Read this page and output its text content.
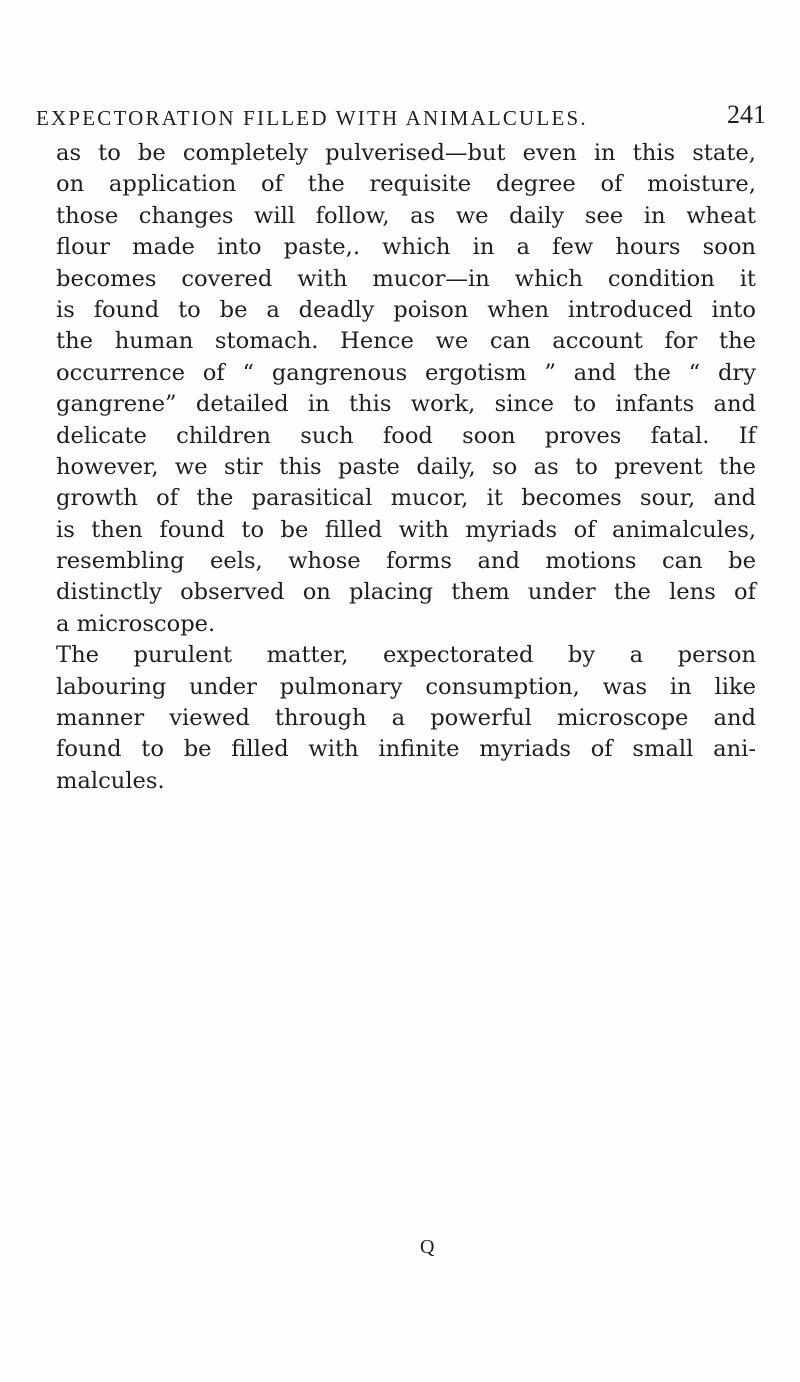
EXPECTORATION FILLED WITH ANIMALCULES.	241
as to be completely pulverised—but even in this state,
on application of the requisite degree of moisture,
those changes will follow, as we daily see in wheat
flour made into paste,. which in a few hours soon
becomes covered with mucor—in which condition it
is found to be a deadly poison when introduced into
the human stomach. Hence we can account for the
occurrence of “ gangrenous ergotism ” and the “ dry
gangrene” detailed in this work, since to infants and
delicate children such food soon proves fatal. If
however, we stir this paste daily, so as to prevent the
growth of the parasitical mucor, it becomes sour, and
is then found to be filled with myriads of animalcules,
resembling eels, whose forms and motions can be
distinctly observed on placing them under the lens of
a microscope.
The purulent matter, expectorated by a person
labouring under pulmonary consumption, was in like
manner viewed through a powerful microscope and
found to be filled with infinite myriads of small ani-
malcules.
Q
